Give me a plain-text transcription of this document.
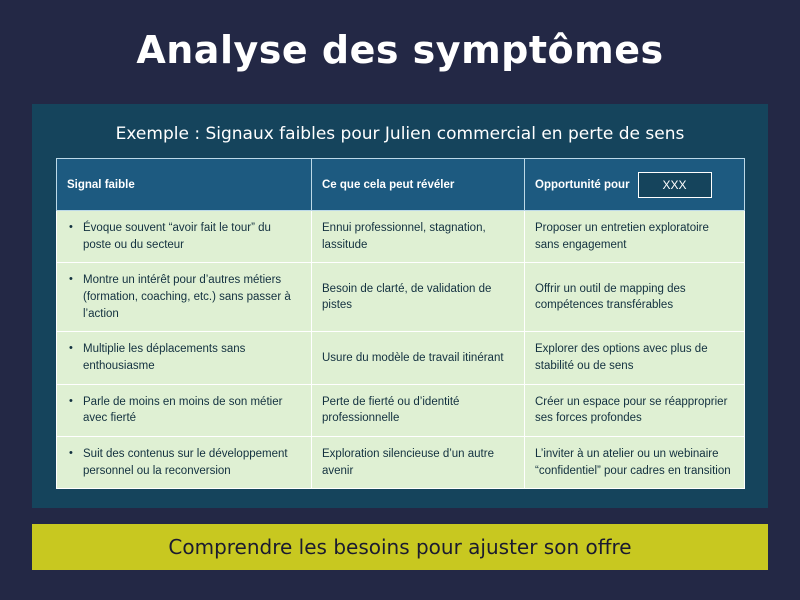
Analyse des symptômes
Exemple : Signaux faibles pour Julien commercial en perte de sens
Signal faible	Ce que cela peut révéler	Opportunité pour XXX

• Évoque souvent “avoir fait le tour” du poste ou du secteur	Ennui professionnel, stagnation, lassitude	Proposer un entretien exploratoire sans engagement

• Montre un intérêt pour d’autres métiers (formation, coaching, etc.) sans passer à l’action	Besoin de clarté, de validation de pistes	Offrir un outil de mapping des compétences transférables

• Multiplie les déplacements sans enthousiasme	Usure du modèle de travail itinérant	Explorer des options avec plus de stabilité ou de sens

• Parle de moins en moins de son métier avec fierté	Perte de fierté ou d’identité professionnelle	Créer un espace pour se réapproprier ses forces profondes

• Suit des contenus sur le développement personnel ou la reconversion	Exploration silencieuse d’un autre avenir	L’inviter à un atelier ou un webinaire “confidentiel” pour cadres en transition
Comprendre les besoins pour ajuster son offre
